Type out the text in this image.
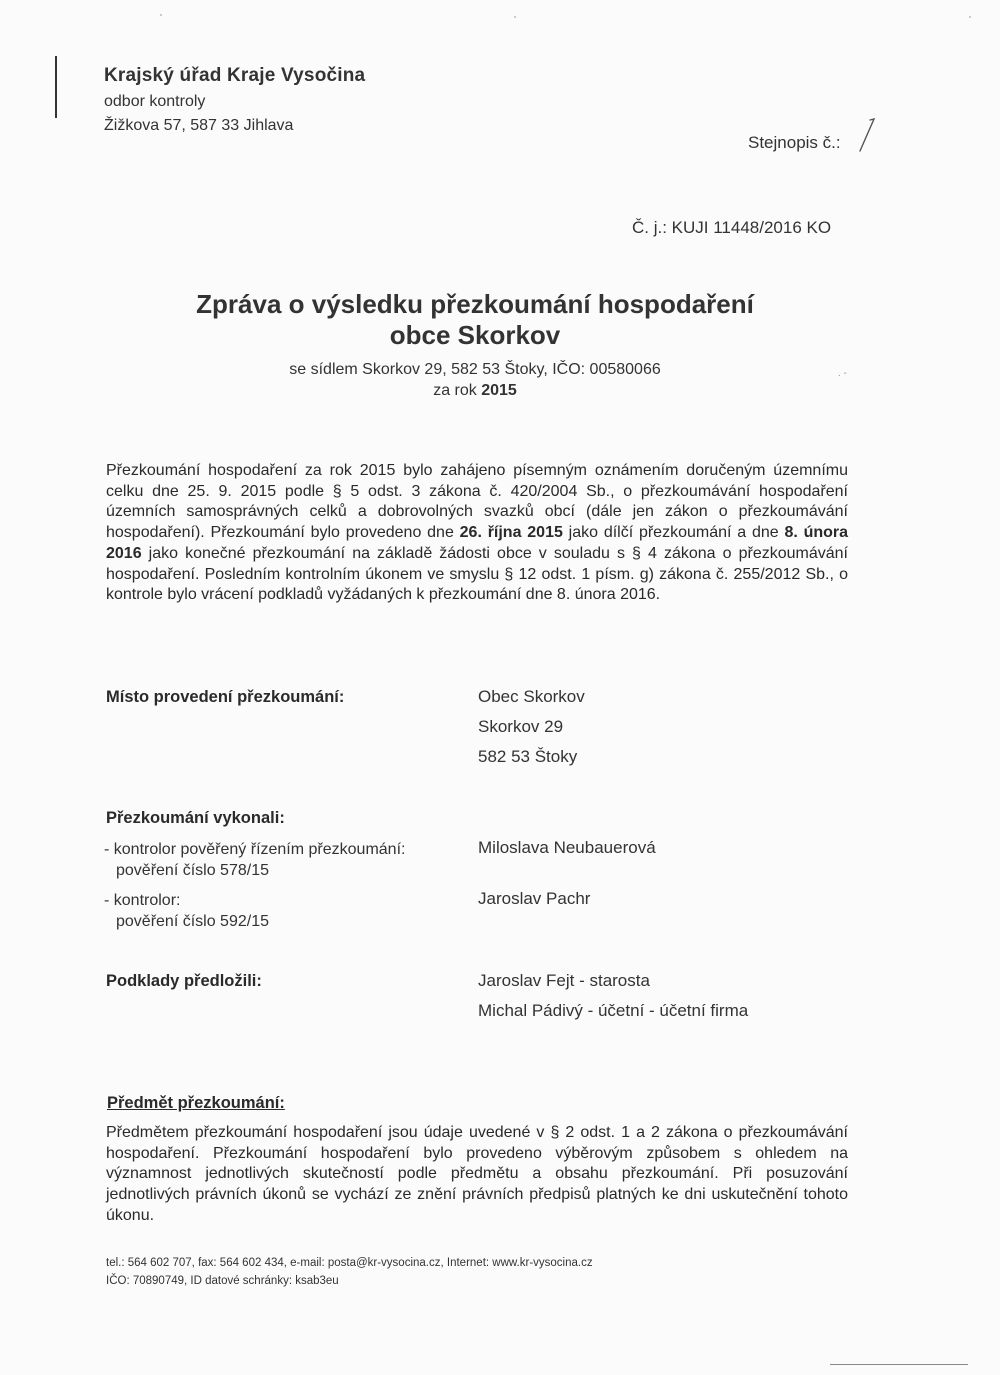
Krajský úřad Kraje Vysočina
odbor kontroly
Žižkova 57, 587 33 Jihlava
Stejnopis č.:
Č. j.: KUJI 11448/2016 KO
Zpráva o výsledku přezkoumání hospodaření
obce Skorkov
se sídlem Skorkov 29, 582 53 Štoky, IČO: 00580066
za rok 2015
. -
Přezkoumání hospodaření za rok 2015 bylo zahájeno písemným oznámením doručeným územnímu celku dne 25. 9. 2015 podle § 5 odst. 3 zákona č. 420/2004 Sb., o přezkoumávání hospodaření územních samosprávných celků a dobrovolných svazků obcí (dále jen zákon o přezkoumávání hospodaření). Přezkoumání bylo provedeno dne 26. října 2015 jako dílčí přezkoumání a dne 8. února 2016 jako konečné přezkoumání na základě žádosti obce v souladu s § 4 zákona o přezkoumávání hospodaření. Posledním kontrolním úkonem ve smyslu § 12 odst. 1 písm. g) zákona č. 255/2012 Sb., o kontrole bylo vrácení podkladů vyžádaných k přezkoumání dne 8. února 2016.
Místo provedení přezkoumání:	Obec Skorkov
Skorkov 29
582 53 Štoky
Přezkoumání vykonali:
- kontrolor pověřený řízením přezkoumání:
pověření číslo 578/15
Miloslava Neubauerová
- kontrolor:
pověření číslo 592/15
Jaroslav Pachr
Podklady předložili:	Jaroslav Fejt - starosta
Michal Pádivý - účetní - účetní firma
Předmět přezkoumání:
Předmětem přezkoumání hospodaření jsou údaje uvedené v § 2 odst. 1 a 2 zákona o přezkoumávání hospodaření. Přezkoumání hospodaření bylo provedeno výběrovým způsobem s ohledem na významnost jednotlivých skutečností podle předmětu a obsahu přezkoumání. Při posuzování jednotlivých právních úkonů se vychází ze znění právních předpisů platných ke dni uskutečnění tohoto úkonu.
tel.: 564 602 707, fax: 564 602 434, e-mail: posta@kr-vysocina.cz, Internet: www.kr-vysocina.cz
IČO: 70890749, ID datové schránky: ksab3eu
